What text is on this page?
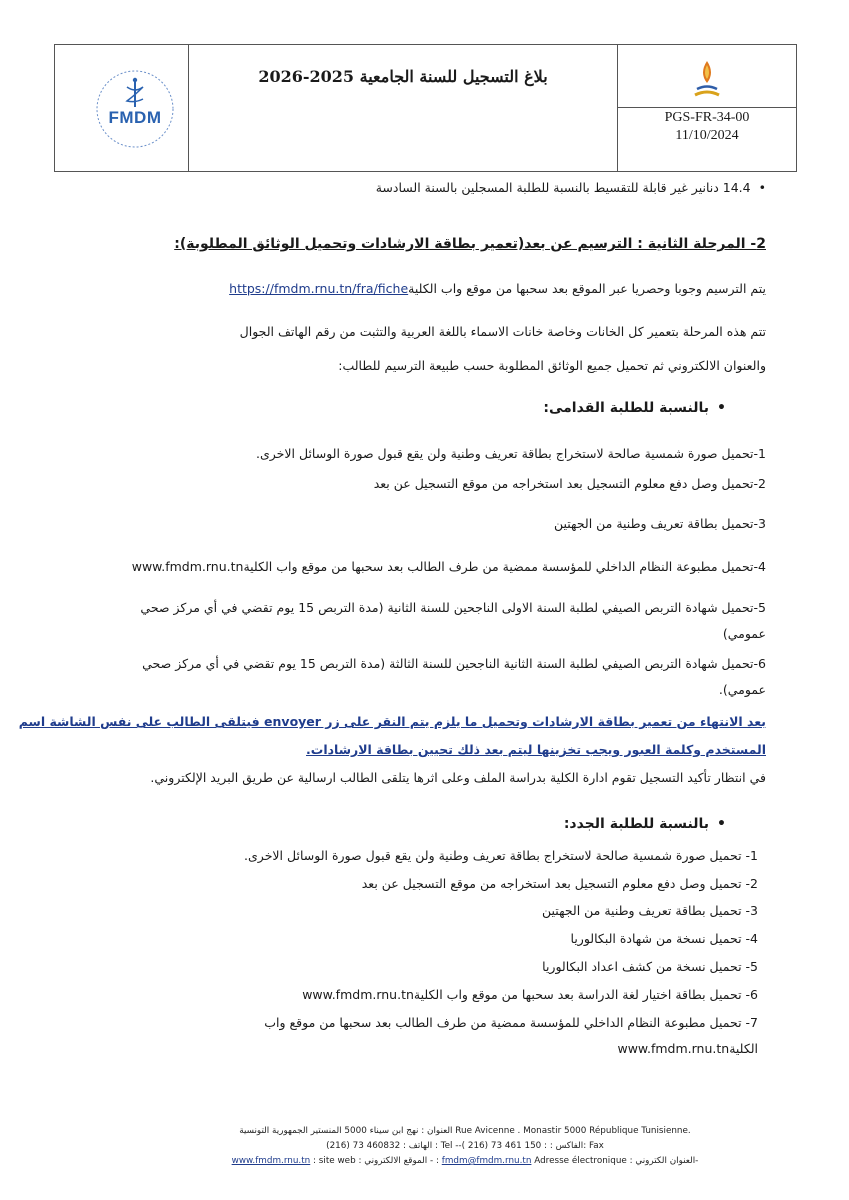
FMDM
بلاغ التسجيل للسنة الجامعية 2025-2026
PGS-FR-34-00
11/10/2024
• 14.4 دنانير غير قابلة للتقسيط بالنسبة للطلبة المسجلين بالسنة السادسة
2- المرحلة الثانية : الترسيم عن بعد(تعمير بطاقة الارشادات وتحميل الوثائق المطلوبة):
يتم الترسيم وجوبا وحصريا عبر الموقع بعد سحبها من موقع واب الكليةhttps://fmdm.rnu.tn/fra/fiche
تتم هذه المرحلة بتعمير كل الخانات وخاصة خانات الاسماء باللغة العربية والتثبت من رقم الهاتف الجوال
والعنوان الالكتروني ثم تحميل جميع الوثائق المطلوبة حسب طبيعة الترسيم للطالب:
• بالنسبة للطلبة القدامى:
1-تحميل صورة شمسية صالحة لاستخراج بطاقة تعريف وطنية ولن يقع قبول صورة الوسائل الاخرى.
2-تحميل وصل دفع معلوم التسجيل بعد استخراجه من موقع التسجيل عن بعد
3-تحميل بطاقة تعريف وطنية من الجهتين
4-تحميل مطبوعة النظام الداخلي للمؤسسة ممضية من طرف الطالب بعد سحبها من موقع واب الكليةwww.fmdm.rnu.tn
5-تحميل شهادة التربص الصيفي لطلبة السنة الاولى الناجحين للسنة الثانية (مدة التربص 15 يوم تقضي في أي مركز صحي
عمومي)
6-تحميل شهادة التربص الصيفي لطلبة السنة الثانية الناجحين للسنة الثالثة (مدة التربص 15 يوم تقضي في أي مركز صحي
عمومي).
بعد الانتهاء من تعمير بطاقة الارشادات وتحميل ما يلزم يتم النقر على زر envoyer فيتلقى الطالب على نفس الشاشة اسم
المستخدم وكلمة العبور ويجب تخزينها ليتم بعد ذلك تحيين بطاقة الارشادات.
في انتظار تأكيد التسجيل تقوم ادارة الكلية بدراسة الملف وعلى اثرها يتلقى الطالب ارسالية عن طريق البريد الإلكتروني.
• بالنسبة للطلبة الجدد:
1- تحميل صورة شمسية صالحة لاستخراج بطاقة تعريف وطنية ولن يقع قبول صورة الوسائل الاخرى.
2- تحميل وصل دفع معلوم التسجيل بعد استخراجه من موقع التسجيل عن بعد
3- تحميل بطاقة تعريف وطنية من الجهتين
4- تحميل نسخة من شهادة البكالوريا
5- تحميل نسخة من كشف اعداد البكالوريا
6- تحميل بطاقة اختيار لغة الدراسة بعد سحبها من موقع واب الكليةwww.fmdm.rnu.tn
7- تحميل مطبوعة النظام الداخلي للمؤسسة ممضية من طرف الطالب بعد سحبها من موقع واب
الكليةwww.fmdm.rnu.tn
العنوان : نهج ابن سيناء 5000 المنستير الجمهورية التونسية Rue Avicenne . Monastir 5000 République Tunisienne.
الهاتف : 460832 73 (216) : Tel --الفاكس : : 150 461 73 (216 ): Fax
-العنوان الكتروني : fmdm@fmdm.rnu.tn Adresse électronique : - الموقع الالكتروني : www.fmdm.rnu.tn : site web
